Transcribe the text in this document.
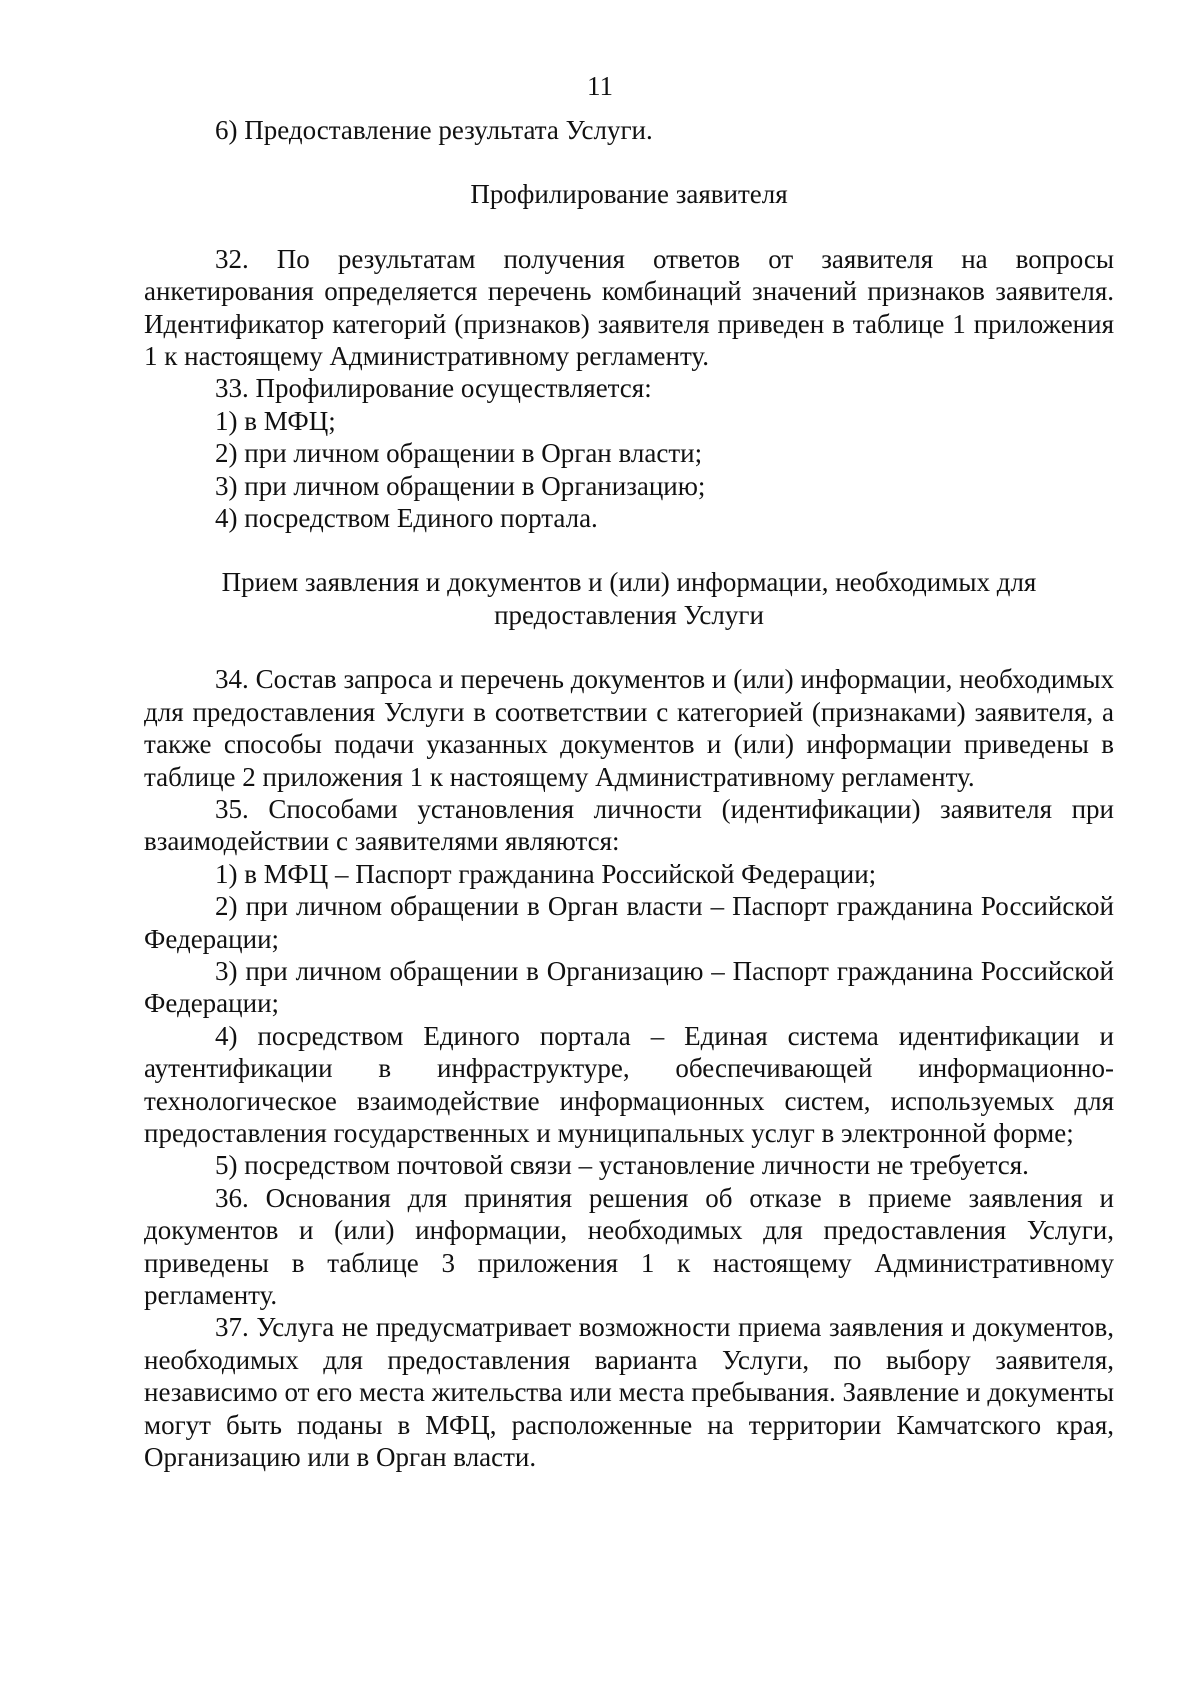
11

6) Предоставление результата Услуги.

Профилирование заявителя

32. По результатам получения ответов от заявителя на вопросы анкетирования определяется перечень комбинаций значений признаков заявителя. Идентификатор категорий (признаков) заявителя приведен в таблице 1 приложения 1 к настоящему Административному регламенту.

33. Профилирование осуществляется:

1) в МФЦ;

2) при личном обращении в Орган власти;

3) при личном обращении в Организацию;

4) посредством Единого портала.

Прием заявления и документов и (или) информации, необходимых для предоставления Услуги

34. Состав запроса и перечень документов и (или) информации, необходимых для предоставления Услуги в соответствии с категорией (признаками) заявителя, а также способы подачи указанных документов и (или) информации приведены в таблице 2 приложения 1 к настоящему Административному регламенту.

35. Способами установления личности (идентификации) заявителя при взаимодействии с заявителями являются:

1) в МФЦ – Паспорт гражданина Российской Федерации;

2) при личном обращении в Орган власти – Паспорт гражданина Российской Федерации;

3) при личном обращении в Организацию – Паспорт гражданина Российской Федерации;

4) посредством Единого портала – Единая система идентификации и аутентификации в инфраструктуре, обеспечивающей информационно-технологическое взаимодействие информационных систем, используемых для предоставления государственных и муниципальных услуг в электронной форме;

5) посредством почтовой связи – установление личности не требуется.

36. Основания для принятия решения об отказе в приеме заявления и документов и (или) информации, необходимых для предоставления Услуги, приведены в таблице 3 приложения 1 к настоящему Административному регламенту.

37. Услуга не предусматривает возможности приема заявления и документов, необходимых для предоставления варианта Услуги, по выбору заявителя, независимо от его места жительства или места пребывания. Заявление и документы могут быть поданы в МФЦ, расположенные на территории Камчатского края, Организацию или в Орган власти.
